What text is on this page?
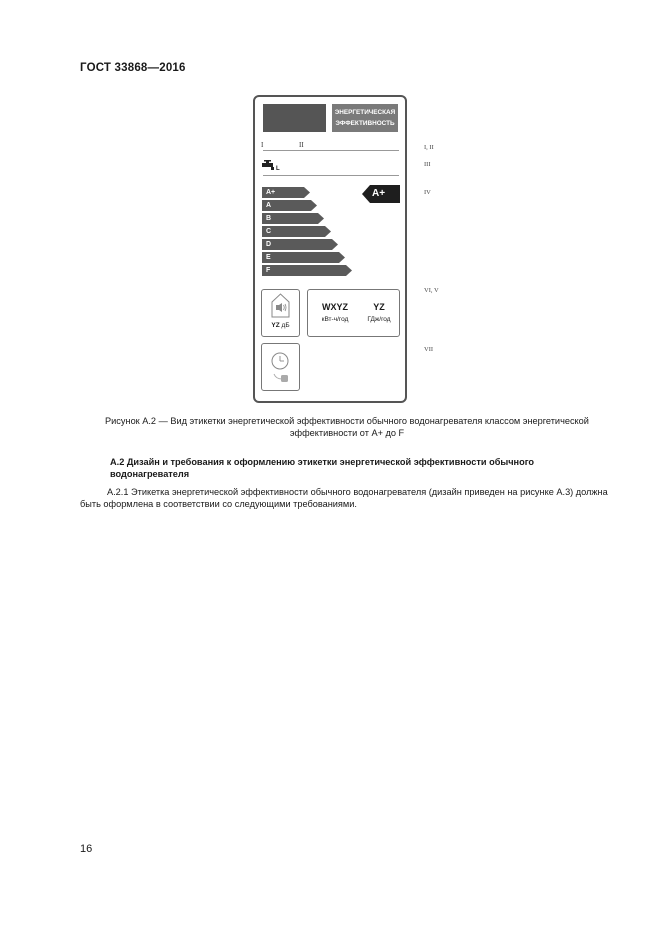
ГОСТ 33868—2016
ЭНЕРГЕТИЧЕСКАЯ ЭФФЕКТИВНОСТЬ
I	II
L
A+
A
B
C
D
E
F
A+
YZ дБ
WXYZ
кВт-ч/год
YZ
ГДж/год
I, II
III
IV
VI, V
VII
Рисунок А.2 — Вид этикетки энергетической эффективности обычного водонагревателя классом энергетической эффективности от А+ до F
А.2 Дизайн и требования к оформлению этикетки энергетической эффективности обычного водонагревателя
А.2.1 Этикетка энергетической эффективности обычного водонагревателя (дизайн приведен на рисунке А.3) должна быть оформлена в соответствии со следующими требованиями.
16
